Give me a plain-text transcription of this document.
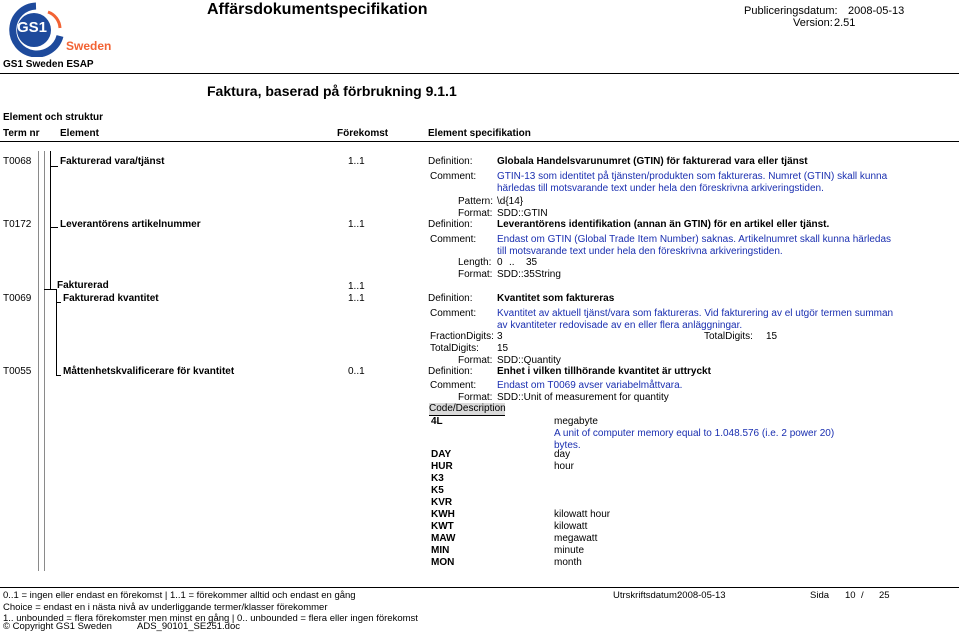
GS1
Sweden
Affärsdokumentspecifikation	Publiceringsdatum: 2008-05-13
Version: 2.51
GS1 Sweden ESAP
Faktura, baserad på förbrukning 9.1.1
Element och struktur
Term nr Element	Förekomst	Element specifikation
T0068	Fakturerad vara/tjänst	1..1	Definition: Globala Handelsvarunumret (GTIN) för fakturerad vara eller tjänst
Comment: GTIN-13 som identitet på tjänsten/produkten som faktureras. Numret (GTIN) skall kunna härledas till motsvarande text under hela den föreskrivna arkiveringstiden.
Pattern: \d{14}
Format: SDD::GTIN
T0172	Leverantörens artikelnummer	1..1	Definition: Leverantörens identifikation (annan än GTIN) för en artikel eller tjänst.
Comment: Endast om GTIN (Global Trade Item Number) saknas. Artikelnumret skall kunna härledas till motsvarande text under hela den föreskrivna arkiveringstiden.
Length: 0 .. 35
Format: SDD::35String
Fakturerad	1..1
T0069	Fakturerad kvantitet	1..1	Definition: Kvantitet som faktureras
Comment: Kvantitet av aktuell tjänst/vara som faktureras. Vid fakturering av el utgör termen summan av kvantiteter redovisade av en eller flera anläggningar.
FractionDigits: 3	TotalDigits: 15
TotalDigits: 15
Format: SDD::Quantity
T0055	Måttenhetskvalificerare för kvantitet	0..1	Definition: Enhet i vilken tillhörande kvantitet är uttryckt
Comment: Endast om T0069 avser variabelmåttvara.
Format: SDD::Unit of measurement for quantity
Code/Description
4L	megabyte
A unit of computer memory equal to 1.048.576 (i.e. 2 power 20) bytes.
DAY	day
HUR	hour
K3
K5
KVR
KWH	kilowatt hour
KWT	kilowatt
MAW	megawatt
MIN	minute
MON	month
0..1 = ingen eller endast en förekomst | 1..1 = förekommer alltid och endast en gång
Choice = endast en i nästa nivå av underliggande termer/klasser förekommer
1.. unbounded = flera förekomster men minst en gång | 0.. unbounded = flera eller ingen förekomst
© Copyright GS1 Sweden	ADS_90101_SE251.doc
Utrskriftsdatum:
2008-05-13	Sida 10 / 25
